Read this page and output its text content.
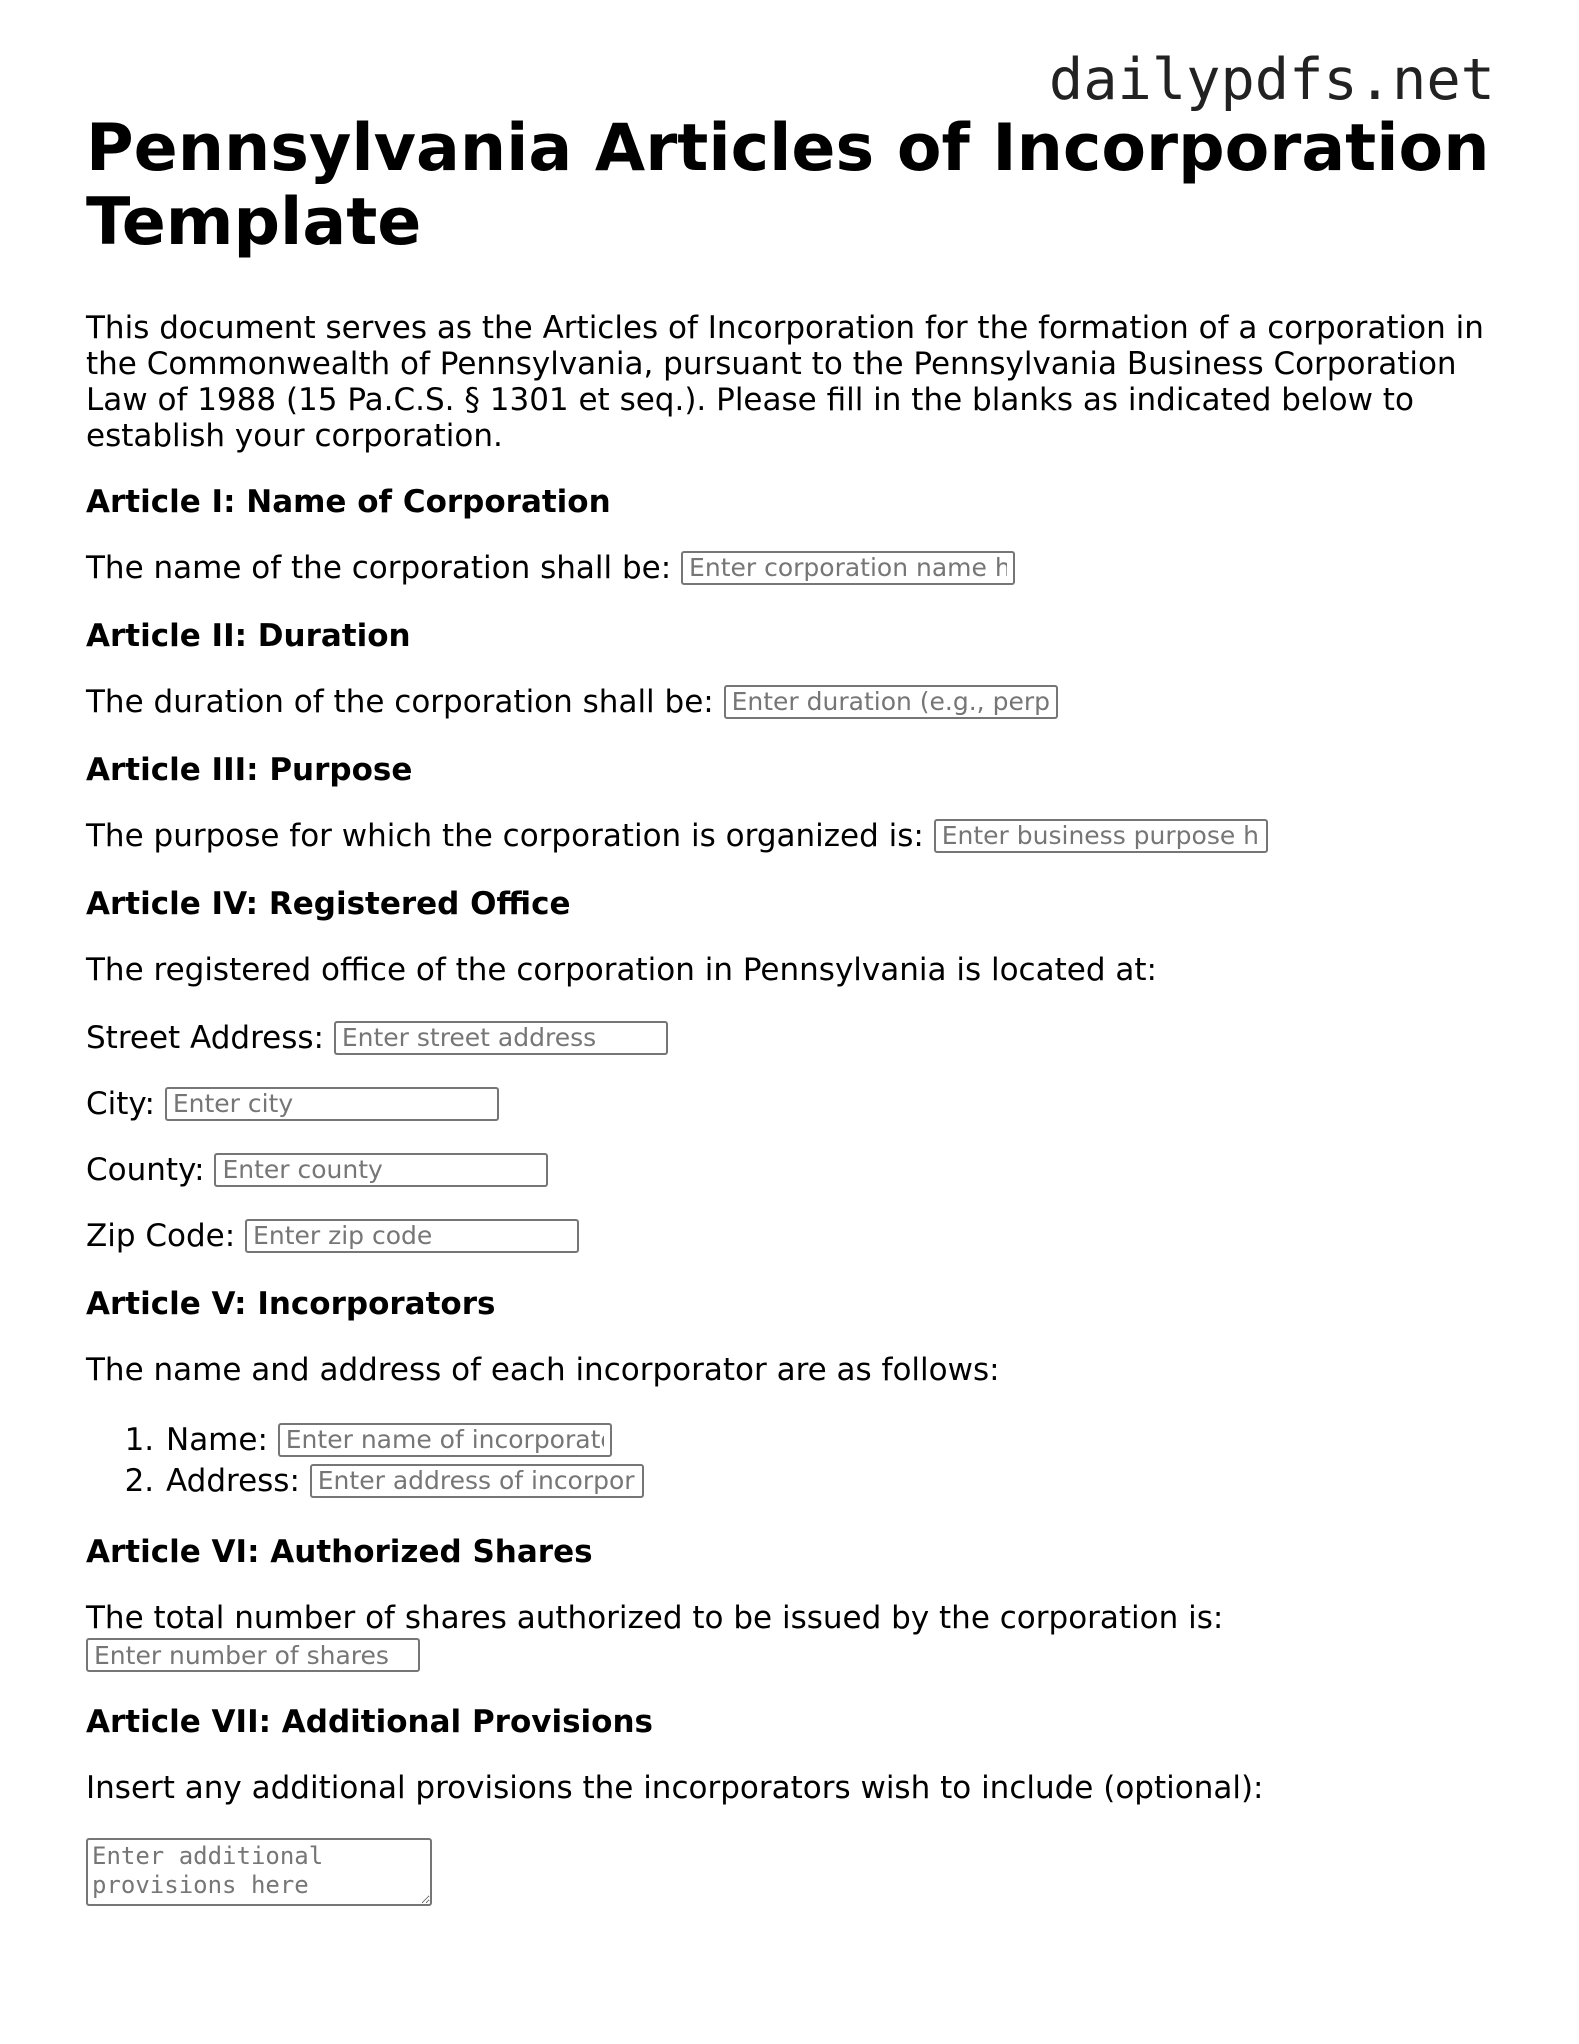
dailypdfs.net
Pennsylvania Articles of Incorporation Template

This document serves as the Articles of Incorporation for the formation of a corporation in the Commonwealth of Pennsylvania, pursuant to the Pennsylvania Business Corporation Law of 1988 (15 Pa.C.S. § 1301 et seq.). Please fill in the blanks as indicated below to establish your corporation.

Article I: Name of Corporation

The name of the corporation shall be: Enter corporation name here

Article II: Duration

The duration of the corporation shall be: Enter duration (e.g., perpetual)

Article III: Purpose

The purpose for which the corporation is organized is: Enter business purpose here

Article IV: Registered Office

The registered office of the corporation in Pennsylvania is located at:

Street Address: Enter street address

City: Enter city

County: Enter county

Zip Code: Enter zip code

Article V: Incorporators

The name and address of each incorporator are as follows:

1. Name: Enter name of incorporator
2. Address: Enter address of incorporator
Article VI: Authorized Shares

The total number of shares authorized to be issued by the corporation is:
Enter number of shares

Article VII: Additional Provisions

Insert any additional provisions the incorporators wish to include (optional):

Enter additional provisions here
